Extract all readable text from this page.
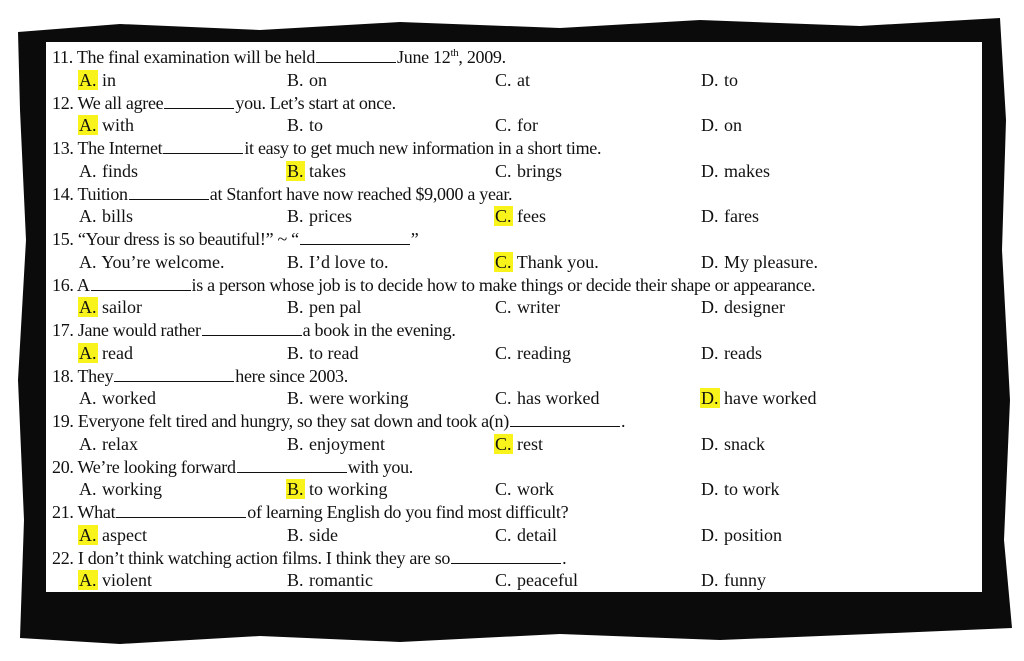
11. The final examination will be held	June 12th, 2009.
A. in	B. on	C. at	D. to
12. We all agree	you. Let’s start at once.
A. with	B. to	C. for	D. on
13. The Internet	it easy to get much new information in a short time.
A. finds	B. takes	C. brings	D. makes
14. Tuition	at Stanfort have now reached $9,000 a year.
A. bills	B. prices	C. fees	D. fares
15. “Your dress is so beautiful!” ~ “	”
A. You’re welcome.	B. I’d love to.	C. Thank you.	D. My pleasure.
16. A	is a person whose job is to decide how to make things or decide their shape or appearance.
A. sailor	B. pen pal	C. writer	D. designer
17. Jane would rather	a book in the evening.
A. read	B. to read	C. reading	D. reads
18. They	here since 2003.
A. worked	B. were working	C. has worked	D. have worked
19. Everyone felt tired and hungry, so they sat down and took a(n)	.
A. relax	B. enjoyment	C. rest	D. snack
20. We’re looking forward	with you.
A. working	B. to working	C. work	D. to work
21. What	of learning English do you find most difficult?
A. aspect	B. side	C. detail	D. position
22. I don’t think watching action films. I think they are so	.
A. violent	B. romantic	C. peaceful	D. funny
